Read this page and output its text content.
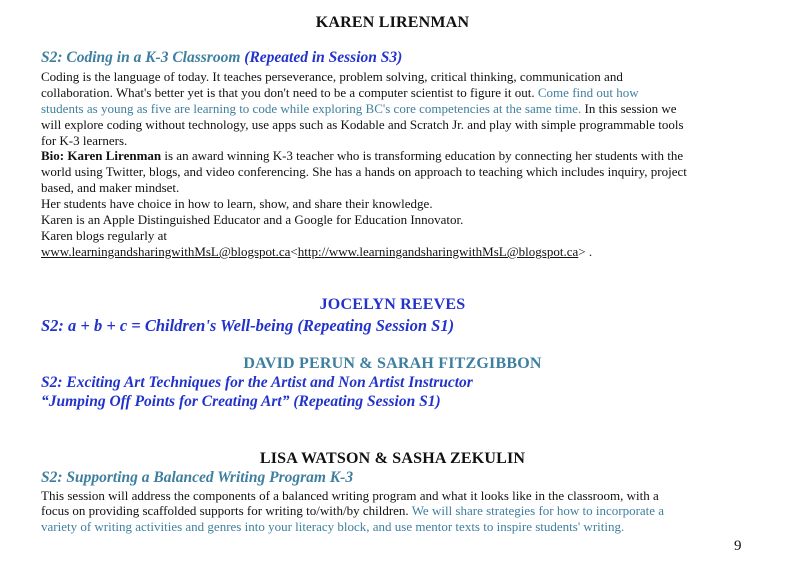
KAREN LIRENMAN
S2: Coding in a K-3 Classroom (Repeated in Session S3)
Coding is the language of today. It teaches perseverance, problem solving, critical thinking, communication and
collaboration. What's better yet is that you don't need to be a computer scientist to figure it out. Come find out how
students as young as five are learning to code while exploring BC's core competencies at the same time. In this session we
will explore coding without technology, use apps such as Kodable and Scratch Jr. and play with simple programmable tools
for K-3 learners.
Bio: Karen Lirenman is an award winning K-3 teacher who is transforming education by connecting her students with the
world using Twitter, blogs, and video conferencing. She has a hands on approach to teaching which includes inquiry, project
based, and maker mindset.
Her students have choice in how to learn, show, and share their knowledge.
Karen is an Apple Distinguished Educator and a Google for Education Innovator.
Karen blogs regularly at
www.learningandsharingwithMsL@blogspot.ca<http://www.learningandsharingwithMsL@blogspot.ca> .
JOCELYN REEVES
S2: a + b + c = Children's Well-being (Repeating Session S1)
DAVID PERUN & SARAH FITZGIBBON
S2: Exciting Art Techniques for the Artist and Non Artist Instructor
“Jumping Off Points for Creating Art” (Repeating Session S1)
LISA WATSON & SASHA ZEKULIN
S2: Supporting a Balanced Writing Program K-3
This session will address the components of a balanced writing program and what it looks like in the classroom, with a
focus on providing scaffolded supports for writing to/with/by children. We will share strategies for how to incorporate a
variety of writing activities and genres into your literacy block, and use mentor texts to inspire students' writing.
9
